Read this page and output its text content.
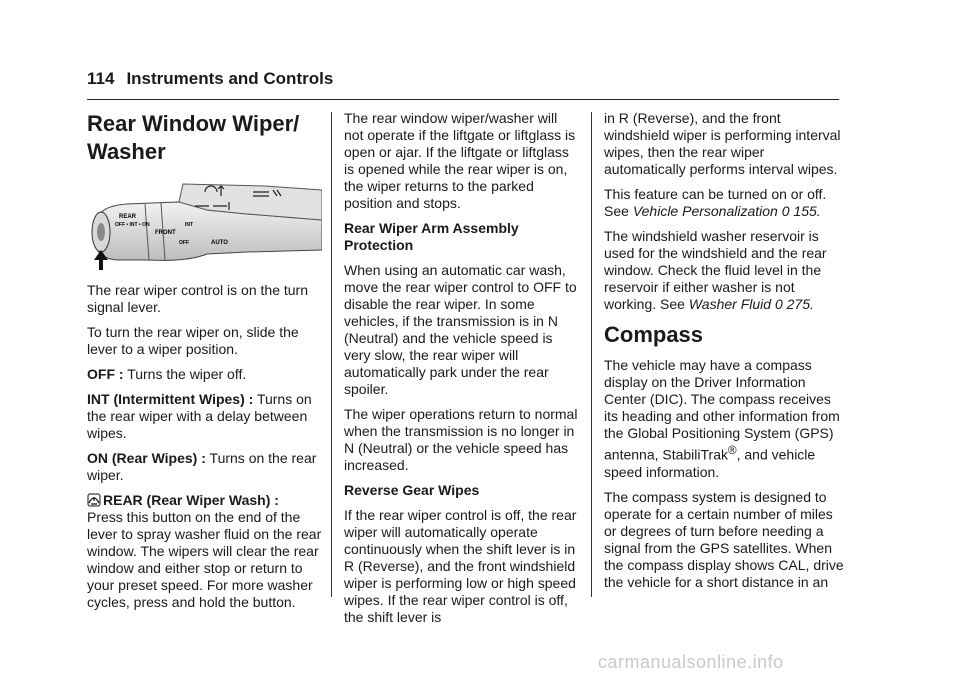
114 Instruments and Controls
Rear Window Wiper/
Washer
REAR
OFF • INT • ON
FRONT
INT
OFF	AUTO

The rear wiper control is on the turn signal lever.

To turn the rear wiper on, slide the lever to a wiper position.

OFF : Turns the wiper off.

INT (Intermittent Wipes) : Turns on the rear wiper with a delay between wipes.

ON (Rear Wipes) : Turns on the rear wiper.

REAR (Rear Wiper Wash) :
Press this button on the end of the lever to spray washer fluid on the rear window. The wipers will clear the rear window and either stop or return to your preset speed. For more washer cycles, press and hold the button.

The rear window wiper/washer will not operate if the liftgate or liftglass is open or ajar. If the liftgate or liftglass is opened while the rear wiper is on, the wiper returns to the parked position and stops.

Rear Wiper Arm Assembly Protection

When using an automatic car wash, move the rear wiper control to OFF to disable the rear wiper. In some vehicles, if the transmission is in N (Neutral) and the vehicle speed is very slow, the rear wiper will automatically park under the rear spoiler.

The wiper operations return to normal when the transmission is no longer in N (Neutral) or the vehicle speed has increased.

Reverse Gear Wipes

If the rear wiper control is off, the rear wiper will automatically operate continuously when the shift lever is in R (Reverse), and the front windshield wiper is performing low or high speed wipes. If the rear wiper control is off, the shift lever is

in R (Reverse), and the front windshield wiper is performing interval wipes, then the rear wiper automatically performs interval wipes.

This feature can be turned on or off. See Vehicle Personalization 0 155.

The windshield washer reservoir is used for the windshield and the rear window. Check the fluid level in the reservoir if either washer is not working. See Washer Fluid 0 275.

Compass

The vehicle may have a compass display on the Driver Information Center (DIC). The compass receives its heading and other information from the Global Positioning System (GPS) antenna, StabiliTrak®, and vehicle speed information.

The compass system is designed to operate for a certain number of miles or degrees of turn before needing a signal from the GPS satellites. When the compass display shows CAL, drive the vehicle for a short distance in an

carmanualsonline.info
